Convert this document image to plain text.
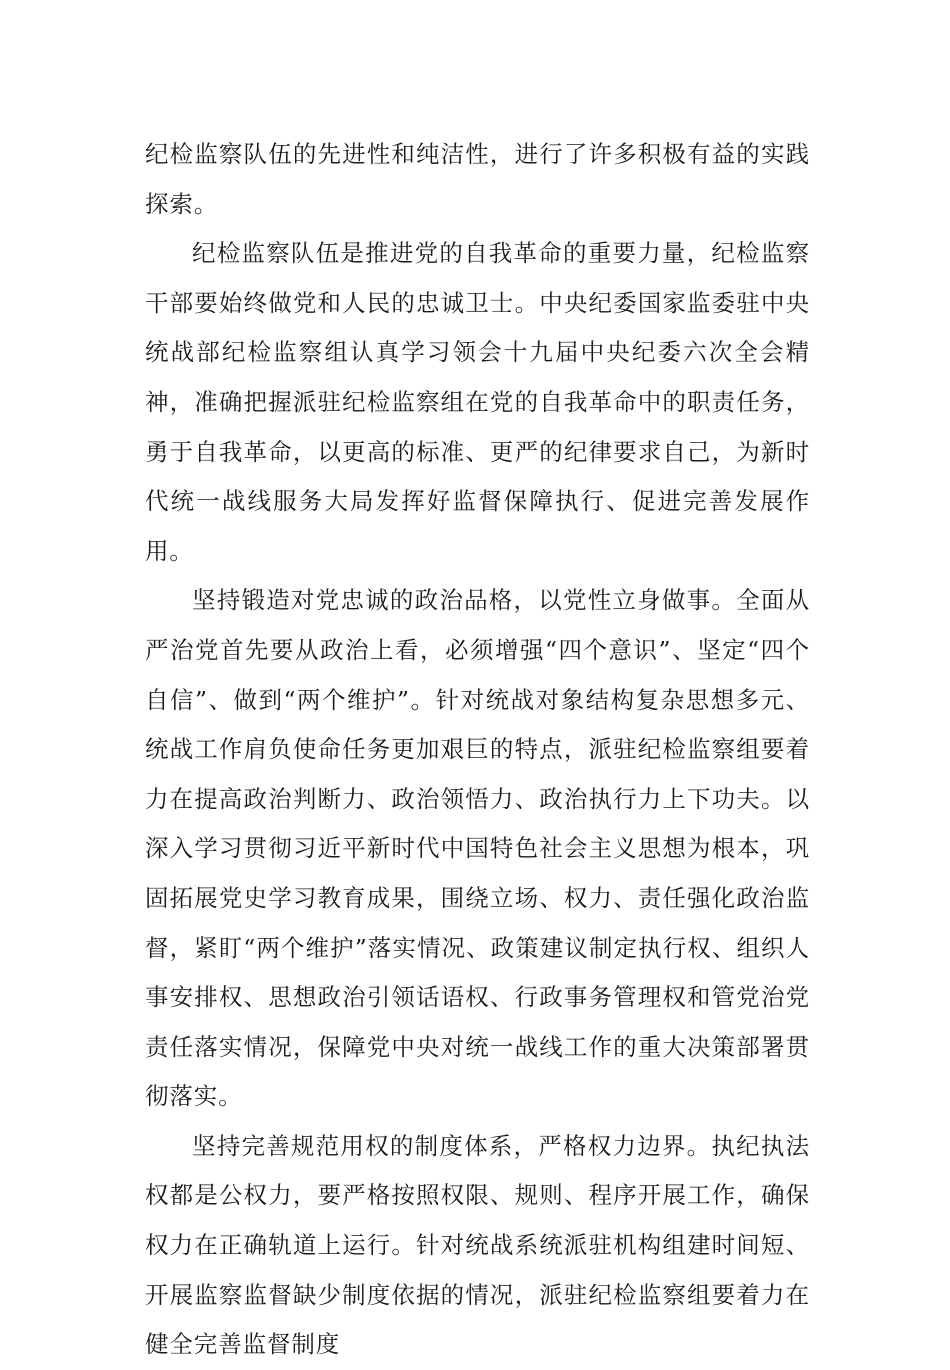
纪检监察队伍的先进性和纯洁性，进行了许多积极有益的实践探索。

纪检监察队伍是推进党的自我革命的重要力量，纪检监察干部要始终做党和人民的忠诚卫士。中央纪委国家监委驻中央统战部纪检监察组认真学习领会十九届中央纪委六次全会精神，准确把握派驻纪检监察组在党的自我革命中的职责任务，勇于自我革命，以更高的标准、更严的纪律要求自己，为新时代统一战线服务大局发挥好监督保障执行、促进完善发展作用。

坚持锻造对党忠诚的政治品格，以党性立身做事。全面从严治党首先要从政治上看，必须增强“四个意识”、坚定“四个自信”、做到“两个维护”。针对统战对象结构复杂思想多元、统战工作肩负使命任务更加艰巨的特点，派驻纪检监察组要着力在提高政治判断力、政治领悟力、政治执行力上下功夫。以深入学习贯彻习近平新时代中国特色社会主义思想为根本，巩固拓展党史学习教育成果，围绕立场、权力、责任强化政治监督，紧盯“两个维护”落实情况、政策建议制定执行权、组织人事安排权、思想政治引领话语权、行政事务管理权和管党治党责任落实情况，保障党中央对统一战线工作的重大决策部署贯彻落实。

坚持完善规范用权的制度体系，严格权力边界。执纪执法权都是公权力，要严格按照权限、规则、程序开展工作，确保权力在正确轨道上运行。针对统战系统派驻机构组建时间短、开展监察监督缺少制度依据的情况，派驻纪检监察组要着力在健全完善监督制度
